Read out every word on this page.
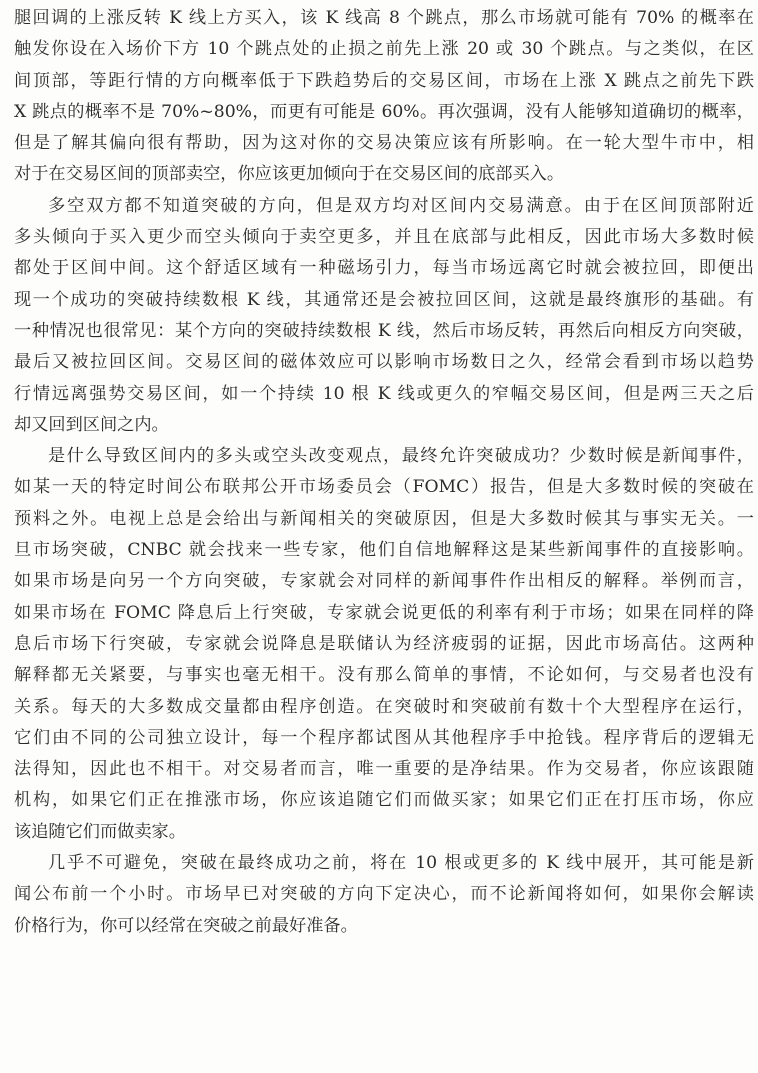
腿回调的上涨反转 K 线上方买入，该 K 线高 8 个跳点，那么市场就可能有 70% 的概率在
触发你设在入场价下方 10 个跳点处的止损之前先上涨 20 或 30 个跳点。与之类似，在区
间顶部，等距行情的方向概率低于下跌趋势后的交易区间，市场在上涨 X 跳点之前先下跌
X 跳点的概率不是 70%~80%，而更有可能是 60%。再次强调，没有人能够知道确切的概率，
但是了解其偏向很有帮助，因为这对你的交易决策应该有所影响。在一轮大型牛市中，相
对于在交易区间的顶部卖空，你应该更加倾向于在交易区间的底部买入。
多空双方都不知道突破的方向，但是双方均对区间内交易满意。由于在区间顶部附近
多头倾向于买入更少而空头倾向于卖空更多，并且在底部与此相反，因此市场大多数时候
都处于区间中间。这个舒适区域有一种磁场引力，每当市场远离它时就会被拉回，即便出
现一个成功的突破持续数根 K 线，其通常还是会被拉回区间，这就是最终旗形的基础。有
一种情况也很常见：某个方向的突破持续数根 K 线，然后市场反转，再然后向相反方向突破，
最后又被拉回区间。交易区间的磁体效应可以影响市场数日之久，经常会看到市场以趋势
行情远离强势交易区间，如一个持续 10 根 K 线或更久的窄幅交易区间，但是两三天之后
却又回到区间之内。
是什么导致区间内的多头或空头改变观点，最终允许突破成功？少数时候是新闻事件，
如某一天的特定时间公布联邦公开市场委员会（FOMC）报告，但是大多数时候的突破在
预料之外。电视上总是会给出与新闻相关的突破原因，但是大多数时候其与事实无关。一
旦市场突破，CNBC 就会找来一些专家，他们自信地解释这是某些新闻事件的直接影响。
如果市场是向另一个方向突破，专家就会对同样的新闻事件作出相反的解释。举例而言，
如果市场在 FOMC 降息后上行突破，专家就会说更低的利率有利于市场；如果在同样的降
息后市场下行突破，专家就会说降息是联储认为经济疲弱的证据，因此市场高估。这两种
解释都无关紧要，与事实也毫无相干。没有那么简单的事情，不论如何，与交易者也没有
关系。每天的大多数成交量都由程序创造。在突破时和突破前有数十个大型程序在运行，
它们由不同的公司独立设计，每一个程序都试图从其他程序手中抢钱。程序背后的逻辑无
法得知，因此也不相干。对交易者而言，唯一重要的是净结果。作为交易者，你应该跟随
机构，如果它们正在推涨市场，你应该追随它们而做买家；如果它们正在打压市场，你应
该追随它们而做卖家。
几乎不可避免，突破在最终成功之前，将在 10 根或更多的 K 线中展开，其可能是新
闻公布前一个小时。市场早已对突破的方向下定决心，而不论新闻将如何，如果你会解读
价格行为，你可以经常在突破之前最好准备。
